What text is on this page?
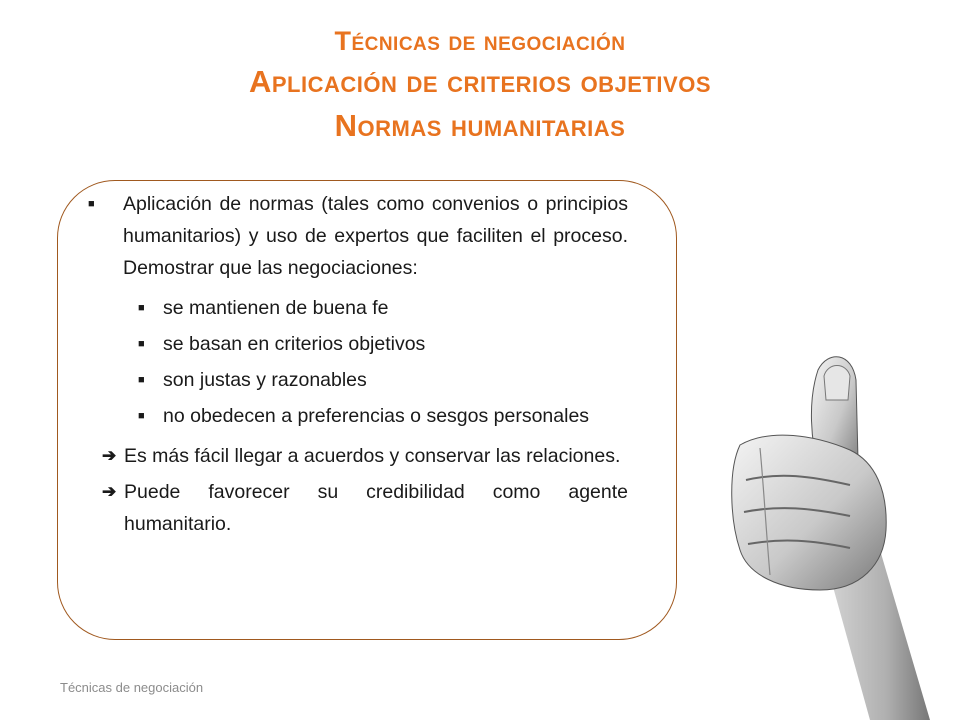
Técnicas de negociación
Aplicación de criterios objetivos
Normas humanitarias
■	Aplicación de normas (tales como convenios o principios humanitarios) y uso de expertos que faciliten el proceso. Demostrar que las negociaciones:
■ se mantienen de buena fe
■ se basan en criterios objetivos
■ son justas y razonables
■ no obedecen a preferencias o sesgos personales
➔ Es más fácil llegar a acuerdos y conservar las relaciones.
➔ Puede favorecer su credibilidad como agente humanitario.
Técnicas de negociación
